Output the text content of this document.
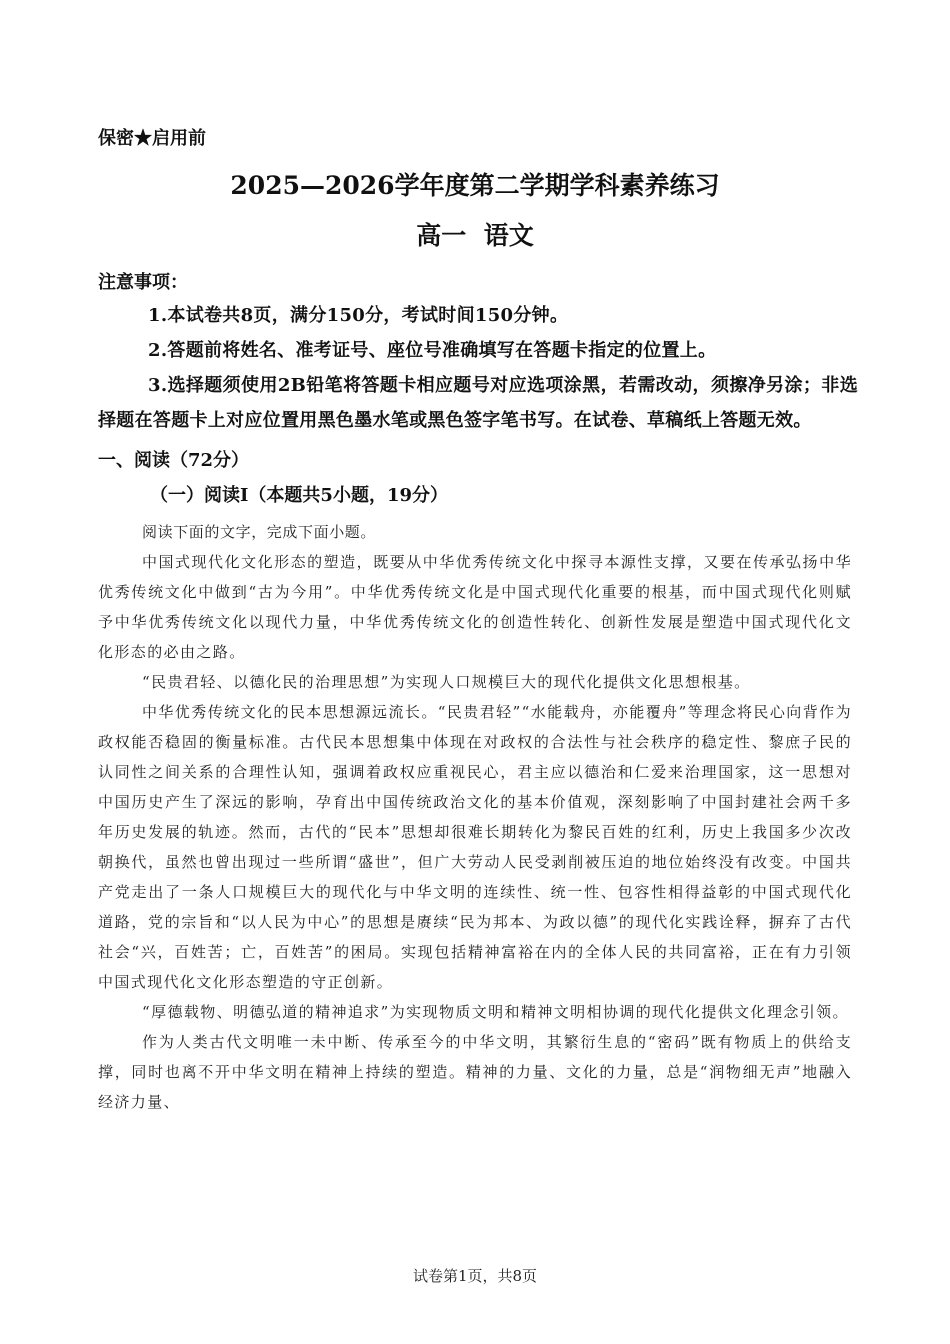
保密★启用前
2025—2026学年度第二学期学科素养练习
高一  语文
注意事项：

1.本试卷共8页，满分150分，考试时间150分钟。

2.答题前将姓名、准考证号、座位号准确填写在答题卡指定的位置上。

3.选择题须使用2B铅笔将答题卡相应题号对应选项涂黑，若需改动，须擦净另涂；非选择题在答题卡上对应位置用黑色墨水笔或黑色签字笔书写。在试卷、草稿纸上答题无效。

一、阅读（72分）
（一）阅读I（本题共5小题，19分）

阅读下面的文字，完成下面小题。

中国式现代化文化形态的塑造，既要从中华优秀传统文化中探寻本源性支撑，又要在传承弘扬中华优秀传统文化中做到“古为今用”。中华优秀传统文化是中国式现代化重要的根基，而中国式现代化则赋予中华优秀传统文化以现代力量，中华优秀传统文化的创造性转化、创新性发展是塑造中国式现代化文化形态的必由之路。

“民贵君轻、以德化民的治理思想”为实现人口规模巨大的现代化提供文化思想根基。

中华优秀传统文化的民本思想源远流长。“民贵君轻”“水能载舟，亦能覆舟”等理念将民心向背作为政权能否稳固的衡量标准。古代民本思想集中体现在对政权的合法性与社会秩序的稳定性、黎庶子民的认同性之间关系的合理性认知，强调着政权应重视民心，君主应以德治和仁爱来治理国家，这一思想对中国历史产生了深远的影响，孕育出中国传统政治文化的基本价值观，深刻影响了中国封建社会两千多年历史发展的轨迹。然而，古代的“民本”思想却很难长期转化为黎民百姓的红利，历史上我国多少次改朝换代，虽然也曾出现过一些所谓“盛世”，但广大劳动人民受剥削被压迫的地位始终没有改变。中国共产党走出了一条人口规模巨大的现代化与中华文明的连续性、统一性、包容性相得益彰的中国式现代化道路，党的宗旨和“以人民为中心”的思想是赓续“民为邦本、为政以德”的现代化实践诠释，摒弃了古代社会“兴，百姓苦；亡，百姓苦”的困局。实现包括精神富裕在内的全体人民的共同富裕，正在有力引领中国式现代化文化形态塑造的守正创新。

“厚德载物、明德弘道的精神追求”为实现物质文明和精神文明相协调的现代化提供文化理念引领。

作为人类古代文明唯一未中断、传承至今的中华文明，其繁衍生息的“密码”既有物质上的供给支撑，同时也离不开中华文明在精神上持续的塑造。精神的力量、文化的力量，总是“润物细无声”地融入经济力量、

试卷第1页，共8页
